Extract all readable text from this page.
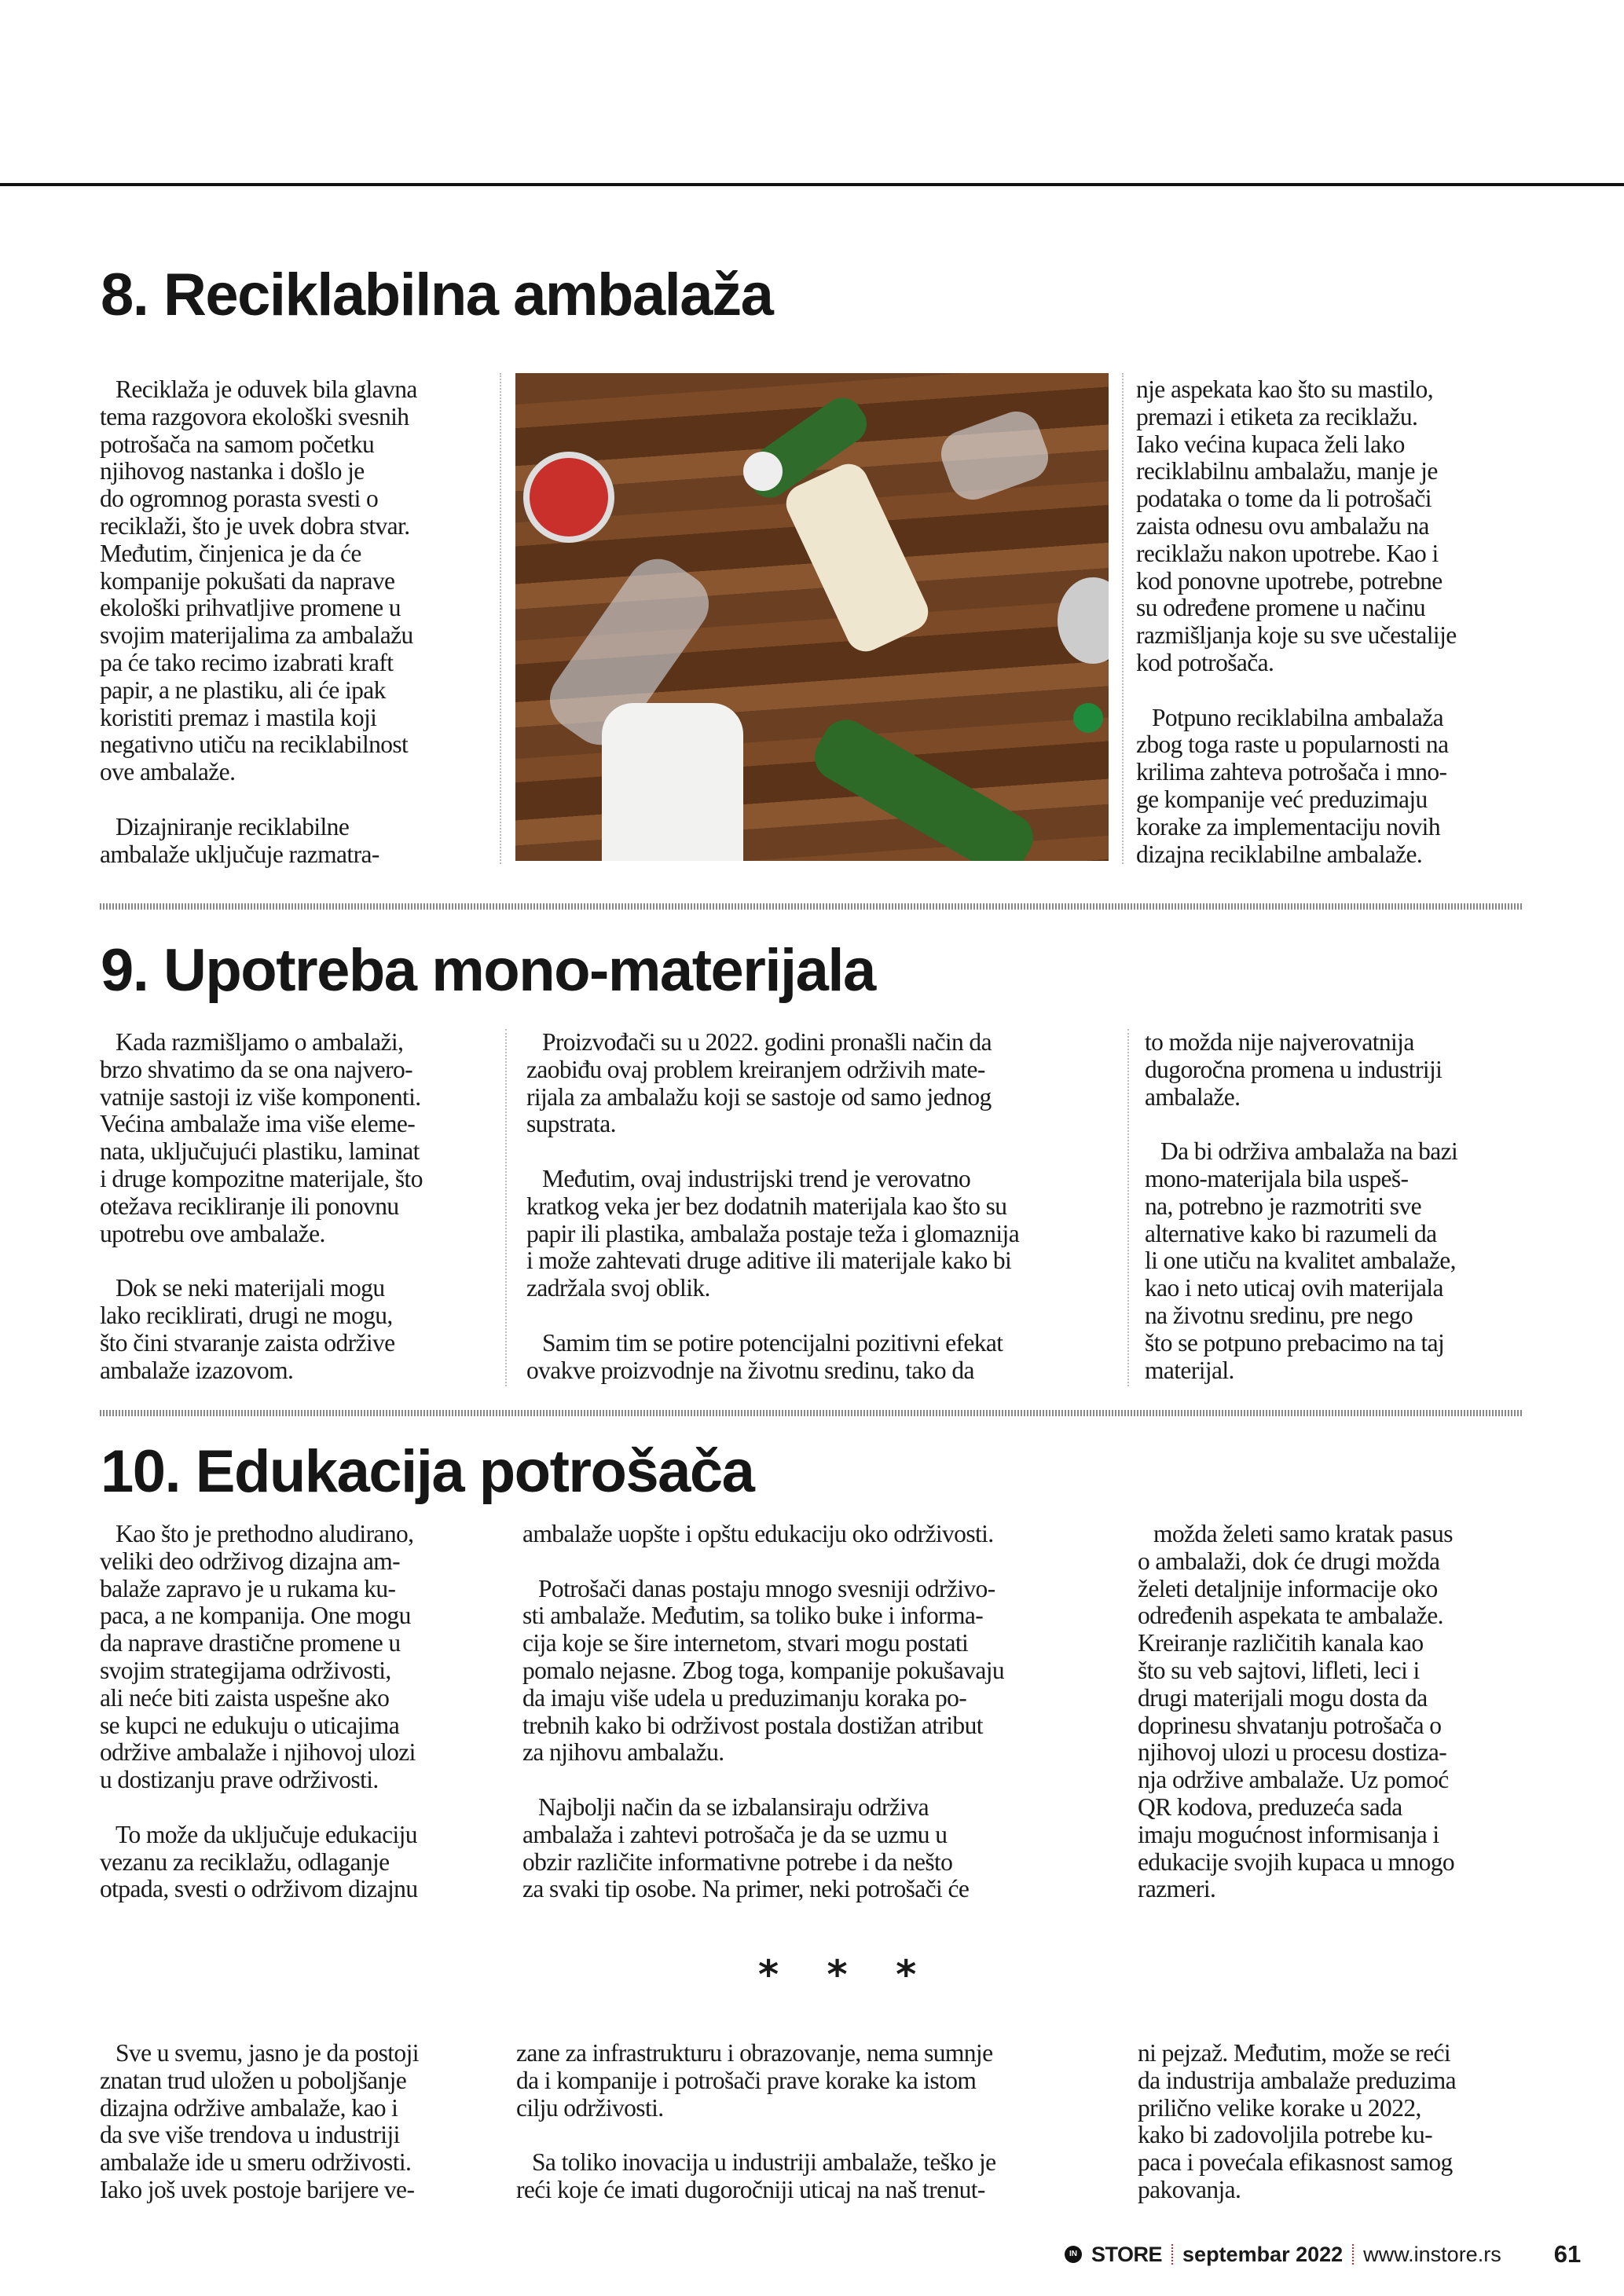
8. Reciklabilna ambalaža
Reciklaža je oduvek bila glavna
tema razgovora ekološki svesnih
potrošača na samom početku
njihovog nastanka i došlo je
do ogromnog porasta svesti o
reciklaži, što je uvek dobra stvar.
Međutim, činjenica je da će
kompanije pokušati da naprave
ekološki prihvatljive promene u
svojim materijalima za ambalažu
pa će tako recimo izabrati kraft
papir, a ne plastiku, ali će ipak
koristiti premaz i mastila koji
negativno utiču na reciklabilnost
ove ambalaže.
Dizajniranje reciklabilne
ambalaže uključuje razmatra-
nje aspekata kao što su mastilo,
premazi i etiketa za reciklažu.
Iako većina kupaca želi lako
reciklabilnu ambalažu, manje je
podataka o tome da li potrošači
zaista odnesu ovu ambalažu na
reciklažu nakon upotrebe. Kao i
kod ponovne upotrebe, potrebne
su određene promene u načinu
razmišljanja koje su sve učestalije
kod potrošača.
Potpuno reciklabilna ambalaža
zbog toga raste u popularnosti na
krilima zahteva potrošača i mno-
ge kompanije već preduzimaju
korake za implementaciju novih
dizajna reciklabilne ambalaže.
9. Upotreba mono-materijala
Kada razmišljamo o ambalaži,
brzo shvatimo da se ona najvero-
vatnije sastoji iz više komponenti.
Većina ambalaže ima više eleme-
nata, uključujući plastiku, laminat
i druge kompozitne materijale, što
otežava recikliranje ili ponovnu
upotrebu ove ambalaže.
Dok se neki materijali mogu
lako reciklirati, drugi ne mogu,
što čini stvaranje zaista održive
ambalaže izazovom.
Proizvođači su u 2022. godini pronašli način da
zaobiđu ovaj problem kreiranjem održivih mate-
rijala za ambalažu koji se sastoje od samo jednog
supstrata.
Međutim, ovaj industrijski trend je verovatno
kratkog veka jer bez dodatnih materijala kao što su
papir ili plastika, ambalaža postaje teža i glomaznija
i može zahtevati druge aditive ili materijale kako bi
zadržala svoj oblik.
Samim tim se potire potencijalni pozitivni efekat
ovakve proizvodnje na životnu sredinu, tako da
to možda nije najverovatnija
dugoročna promena u industriji
ambalaže.
Da bi održiva ambalaža na bazi
mono-materijala bila uspeš-
na, potrebno je razmotriti sve
alternative kako bi razumeli da
li one utiču na kvalitet ambalaže,
kao i neto uticaj ovih materijala
na životnu sredinu, pre nego
što se potpuno prebacimo na taj
materijal.
10. Edukacija potrošača
Kao što je prethodno aludirano,
veliki deo održivog dizajna am-
balaže zapravo je u rukama ku-
paca, a ne kompanija. One mogu
da naprave drastične promene u
svojim strategijama održivosti,
ali neće biti zaista uspešne ako
se kupci ne edukuju o uticajima
održive ambalaže i njihovoj ulozi
u dostizanju prave održivosti.
To može da uključuje edukaciju
vezanu za reciklažu, odlaganje
otpada, svesti o održivom dizajnu
ambalaže uopšte i opštu edukaciju oko održivosti.
Potrošači danas postaju mnogo svesniji održivo-
sti ambalaže. Međutim, sa toliko buke i informa-
cija koje se šire internetom, stvari mogu postati
pomalo nejasne. Zbog toga, kompanije pokušavaju
da imaju više udela u preduzimanju koraka po-
trebnih kako bi održivost postala dostižan atribut
za njihovu ambalažu.
Najbolji način da se izbalansiraju održiva
ambalaža i zahtevi potrošača je da se uzmu u
obzir različite informativne potrebe i da nešto
za svaki tip osobe. Na primer, neki potrošači će
možda želeti samo kratak pasus
o ambalaži, dok će drugi možda
želeti detaljnije informacije oko
određenih aspekata te ambalaže.
Kreiranje različitih kanala kao
što su veb sajtovi, lifleti, leci i
drugi materijali mogu dosta da
doprinesu shvatanju potrošača o
njihovoj ulozi u procesu dostiza-
nja održive ambalaže. Uz pomoć
QR kodova, preduzeća sada
imaju mogućnost informisanja i
edukacije svojih kupaca u mnogo
razmeri.
* * *
Sve u svemu, jasno je da postoji
znatan trud uložen u poboljšanje
dizajna održive ambalaže, kao i
da sve više trendova u industriji
ambalaže ide u smeru održivosti.
Iako još uvek postoje barijere ve-
zane za infrastrukturu i obrazovanje, nema sumnje
da i kompanije i potrošači prave korake ka istom
cilju održivosti.
Sa toliko inovacija u industriji ambalaže, teško je
reći koje će imati dugoročniji uticaj na naš trenut-
ni pejzaž. Međutim, može se reći
da industrija ambalaže preduzima
prilično velike korake u 2022,
kako bi zadovoljila potrebe ku-
paca i povećala efikasnost samog
pakovanja.
IN STORE septembar 2022 www.instore.rs 61
